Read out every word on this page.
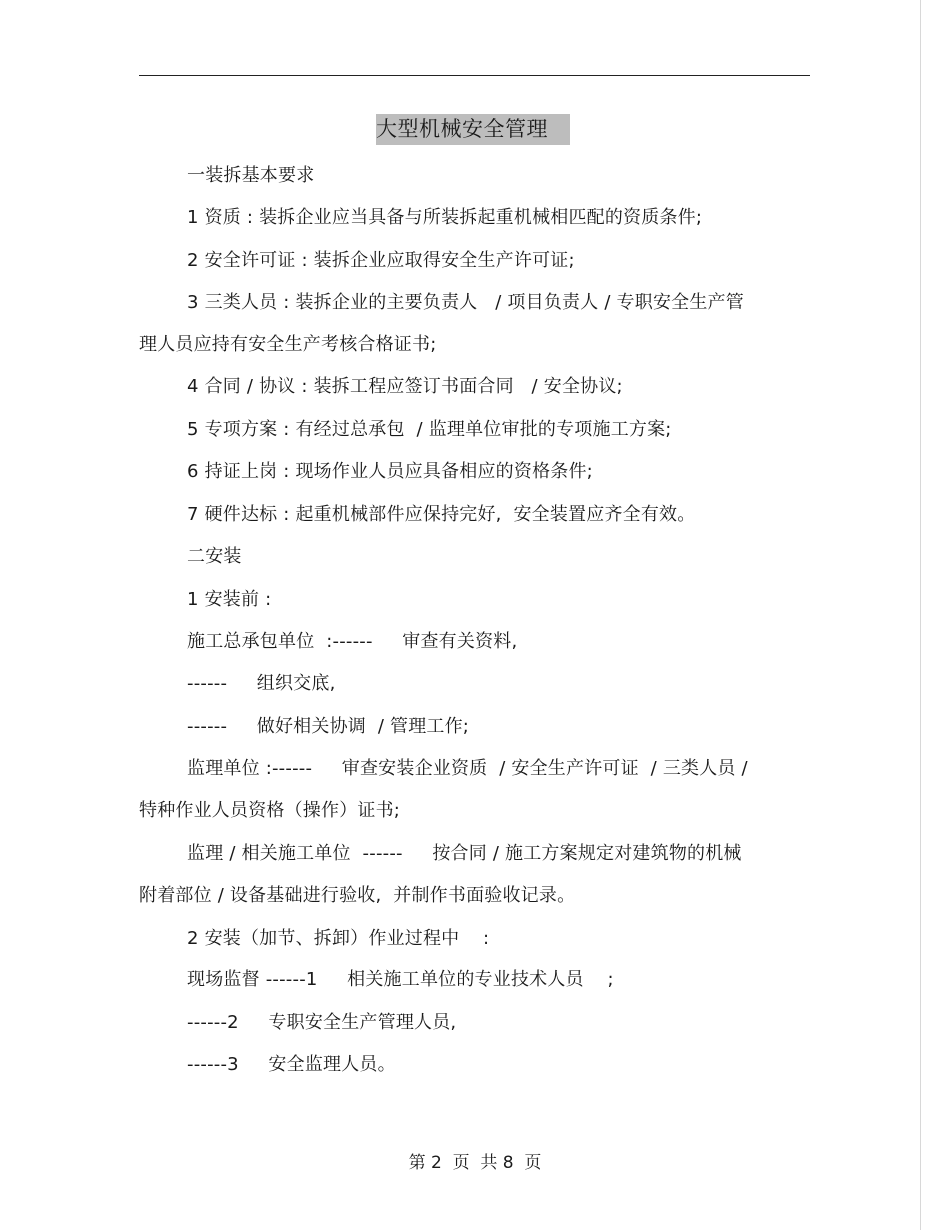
大型机械安全管理
一装拆基本要求
1 资质 : 装拆企业应当具备与所装拆起重机械相匹配的资质条件;
2 安全许可证 : 装拆企业应取得安全生产许可证;
3 三类人员 : 装拆企业的主要负责人   / 项目负责人 / 专职安全生产管
理人员应持有安全生产考核合格证书;
4 合同 / 协议 : 装拆工程应签订书面合同   / 安全协议;
5 专项方案 : 有经过总承包  / 监理单位审批的专项施工方案;
6 持证上岗 : 现场作业人员应具备相应的资格条件;
7 硬件达标 : 起重机械部件应保持完好,  安全装置应齐全有效。
二安装
1 安装前 :
施工总承包单位  :------     审查有关资料,
------     组织交底,
------     做好相关协调  / 管理工作;
监理单位 :------     审查安装企业资质  / 安全生产许可证  / 三类人员 /
特种作业人员资格（操作）证书;
监理 / 相关施工单位  ------     按合同 / 施工方案规定对建筑物的机械
附着部位 / 设备基础进行验收,  并制作书面验收记录。
2 安装（加节、拆卸）作业过程中    :
现场监督 ------1     相关施工单位的专业技术人员    ;
------2     专职安全生产管理人员,
------3     安全监理人员。
第 2  页  共 8  页
